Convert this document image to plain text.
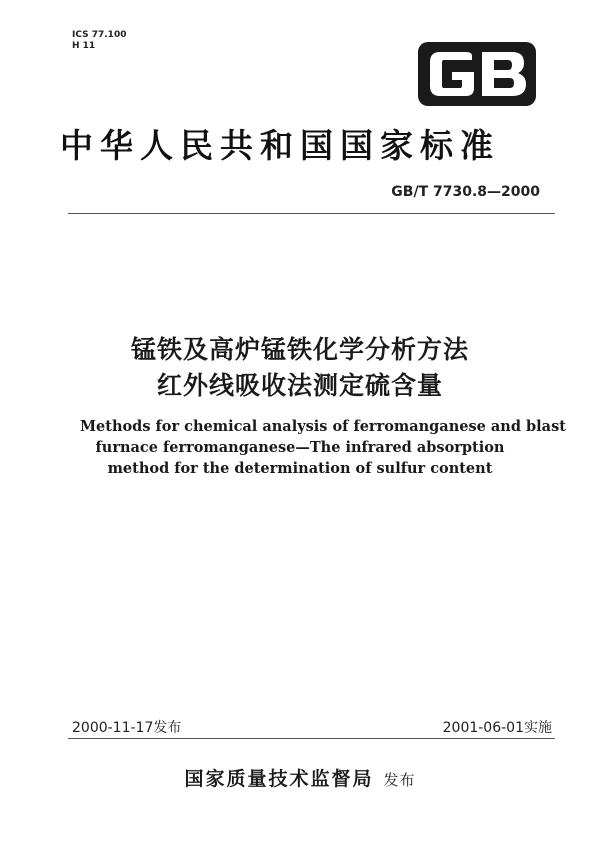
ICS 77.100
H 11	GB
中华人民共和国国家标准
GB/T 7730.8—2000
锰铁及高炉锰铁化学分析方法
红外线吸收法测定硫含量
Methods for chemical analysis of ferromanganese and blast
furnace ferromanganese—The infrared absorption
method for the determination of sulfur content
2000-11-17发布	2001-06-01实施
国家质量技术监督局 发布
